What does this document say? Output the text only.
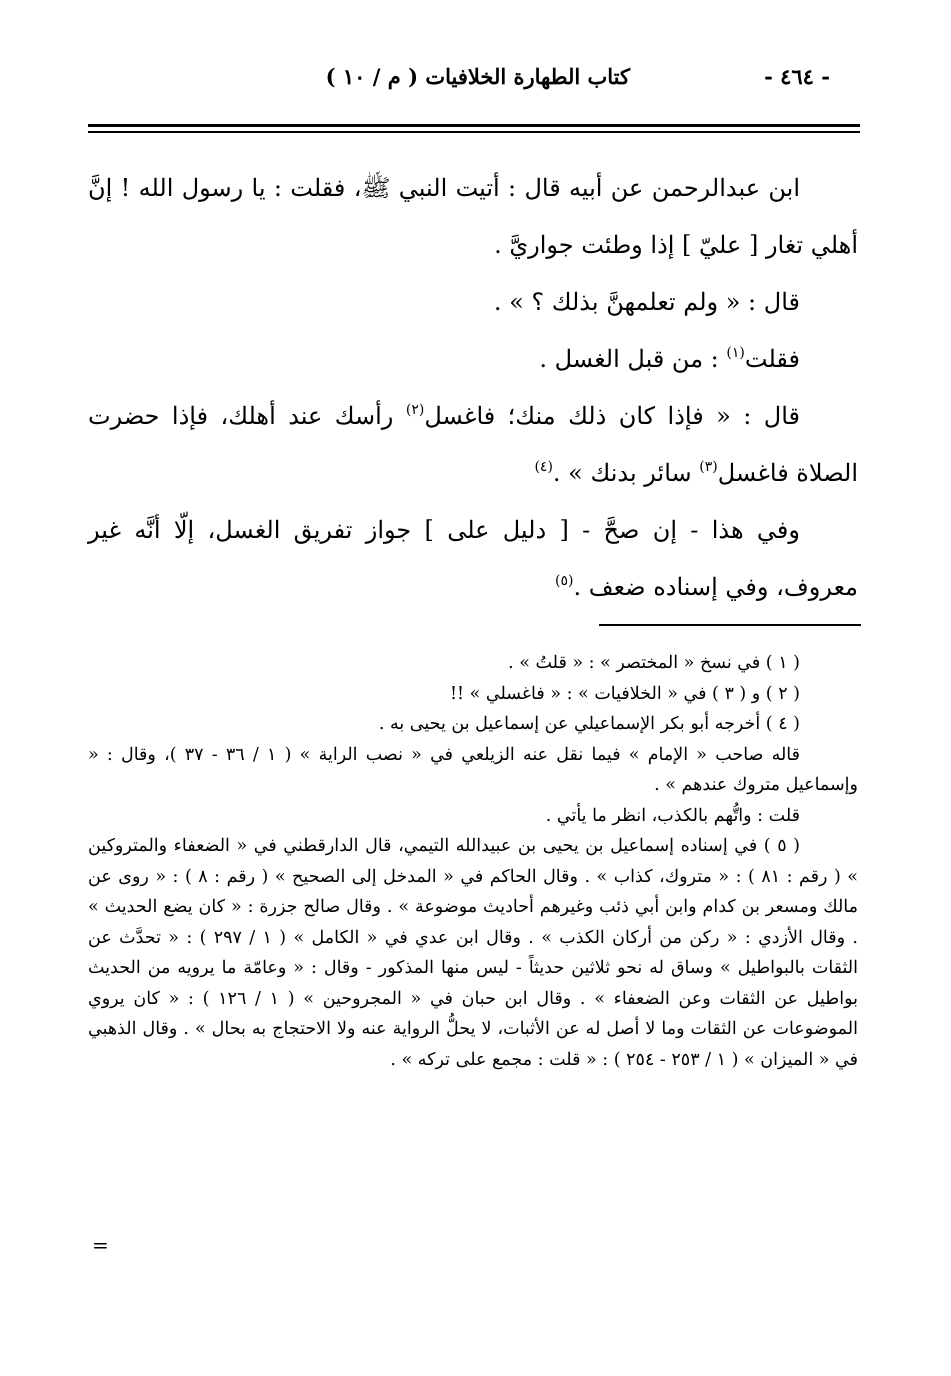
- ٤٦٤ -
كتاب الطهارة الخلافيات ( م / ١٠ )

ابن عبدالرحمن عن أبيه قال : أتيت النبي ﷺ، فقلت : يا رسول الله ! إنَّ أهلي تغار [ عليّ ] إذا وطئت جواريَّ .

قال : « ولم تعلمهنَّ بذلك ؟ » .

فقلت$^{(١)}$ : من قبل الغسل .

قال : « فإذا كان ذلك منك؛ فاغسل$^{(٢)}$ رأسك عند أهلك، فإذا حضرت الصلاة فاغسل$^{(٣)}$ سائر بدنك » .$^{(٤)}$

وفي هذا - إن صحَّ - [ دليل على ] جواز تفريق الغسل، إلّا أنَّه غير معروف، وفي إسناده ضعف .$^{(٥)}$

( ١ ) في نسخ « المختصر » : « قلتُ » .

( ٢ ) و ( ٣ ) في « الخلافيات » : « فاغسلي » !!

( ٤ ) أخرجه أبو بكر الإسماعيلي عن إسماعيل بن يحيى به .

قاله صاحب « الإمام » فيما نقل عنه الزيلعي في « نصب الراية » ( ١ / ٣٦ - ٣٧ )، وقال : « وإسماعيل متروك عندهم » .

قلت : واتُّهم بالكذب، انظر ما يأتي .

( ٥ ) في إسناده إسماعيل بن يحيى بن عبيدالله التيمي، قال الدارقطني في « الضعفاء والمتروكين » ( رقم : ٨١ ) : « متروك، كذاب » . وقال الحاكم في « المدخل إلى الصحيح » ( رقم : ٨ ) : « روى عن مالك ومسعر بن كدام وابن أبي ذئب وغيرهم أحاديث موضوعة » . وقال صالح جزرة : « كان يضع الحديث » . وقال الأزدي : « ركن من أركان الكذب » . وقال ابن عدي في « الكامل » ( ١ / ٢٩٧ ) : « تحدَّث عن الثقات بالبواطيل » وساق له نحو ثلاثين حديثاً - ليس منها المذكور - وقال : « وعامّة ما يرويه من الحديث بواطيل عن الثقات وعن الضعفاء » . وقال ابن حبان في « المجروحين » ( ١ / ١٢٦ ) : « كان يروي الموضوعات عن الثقات وما لا أصل له عن الأثبات، لا يحلُّ الرواية عنه ولا الاحتجاج به بحال » . وقال الذهبي في « الميزان » ( ١ / ٢٥٣ - ٢٥٤ ) : « قلت : مجمع على تركه » .

=
